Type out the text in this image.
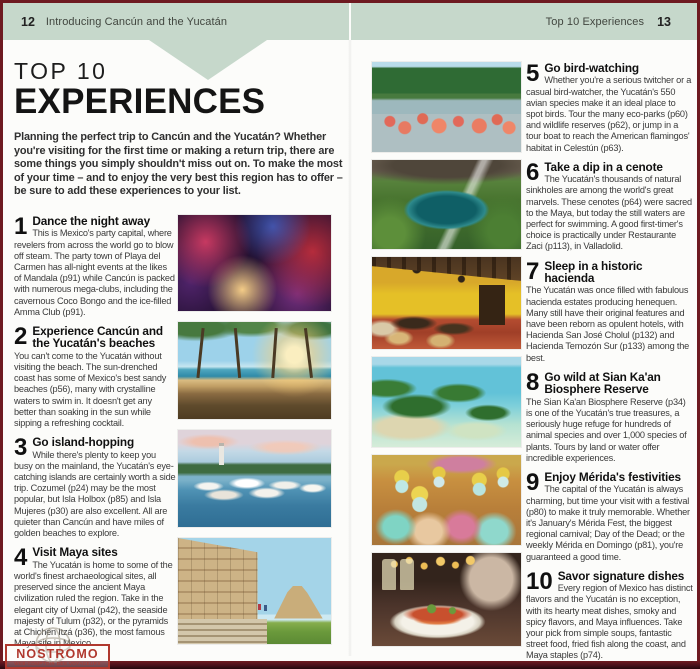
12 Introducing Cancún and the Yucatán	Top 10 Experiences 13
TOP 10
EXPERIENCES
Planning the perfect trip to Cancún and the Yucatán? Whether you're visiting for the first time or making a return trip, there are some things you simply shouldn't miss out on. To make the most of your time – and to enjoy the very best this region has to offer – be sure to add these experiences to your list.
1 Dance the night away

This is Mexico's party capital, where revelers from across the world go to blow off steam. The party town of Playa del Carmen has all-night events at the likes of Mandala (p91) while Cancún is packed with numerous mega-clubs, including the cavernous Coco Bongo and the ice-filled Amma Club (p91).

2 Experience Cancún and the Yucatán's beaches

You can't come to the Yucatán without visiting the beach. The sun-drenched coast has some of Mexico's best sandy beaches (p56), many with crystalline waters to swim in. It doesn't get any better than soaking in the sun while sipping a refreshing cocktail.

3 Go island-hopping

While there's plenty to keep you busy on the mainland, the Yucatán's eye-catching islands are certainly worth a side trip. Cozumel (p24) may be the most popular, but Isla Holbox (p85) and Isla Mujeres (p30) are also excellent. All are quieter than Cancún and have miles of golden beaches to explore.

4 Visit Maya sites

The Yucatán is home to some of the world's finest archaeological sites, all preserved since the ancient Maya civilization ruled the region. Take in the elegant city of Uxmal (p42), the seaside majesty of Tulum (p32), or the pyramids at Chichén Itzá (p36), the most famous Maya site in Mexico.

5 Go bird-watching

Whether you're a serious twitcher or a casual bird-watcher, the Yucatán's 550 avian species make it an ideal place to spot birds. Tour the many eco-parks (p60) and wildlife reserves (p62), or jump in a tour boat to reach the American flamingos' habitat in Celestún (p63).

6 Take a dip in a cenote

The Yucatán's thousands of natural sinkholes are among the world's great marvels. These cenotes (p64) were sacred to the Maya, but today the still waters are perfect for swimming. A good first-timer's choice is practically under Restaurante Zaci (p113), in Valladolid.

7 Sleep in a historic hacienda

The Yucatán was once filled with fabulous hacienda estates producing henequen. Many still have their original features and have been reborn as opulent hotels, with Hacienda San José Cholul (p132) and Hacienda Temozón Sur (p133) among the best.

8 Go wild at Sian Ka'an Biosphere Reserve

The Sian Ka'an Biosphere Reserve (p34) is one of the Yucatán's true treasures, a seriously huge refuge for hundreds of animal species and over 1,000 species of plants. Tours by land or water offer incredible experiences.

9 Enjoy Mérida's festivities

The capital of the Yucatán is always charming, but time your visit with a festival (p80) to make it truly memorable. Whether it's January's Mérida Fest, the biggest regional carnival; Day of the Dead; or the weekly Mérida en Domingo (p81), you're guaranteed a good time.

10 Savor signature dishes

Every region of Mexico has distinct flavors and the Yucatán is no exception, with its hearty meat dishes, smoky and spicy flavors, and Maya influences. Take your pick from simple soups, fantastic street food, fried fish along the coast, and Maya staples (p74).

NOSTROMO
WEB-COMPTOIR DES VOYAGEURS
